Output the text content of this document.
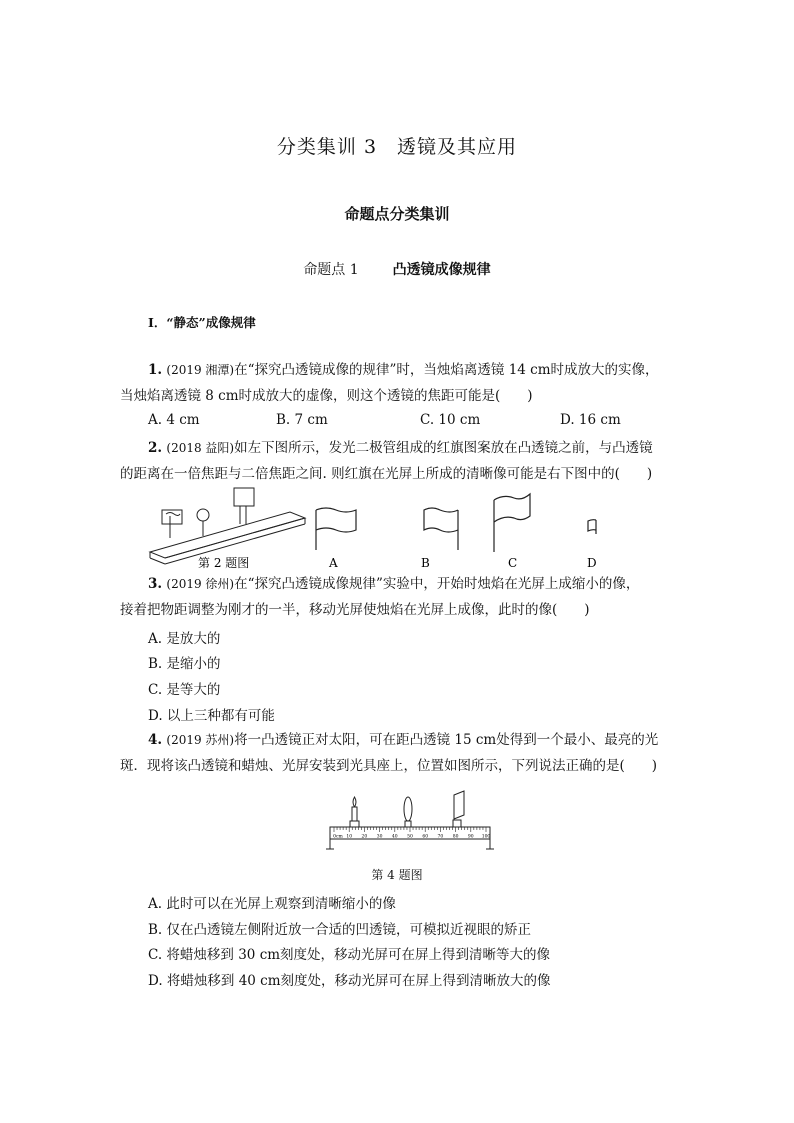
分类集训 3　透镜及其应用
命题点分类集训
命题点 1 凸透镜成像规律
Ⅰ．“静态”成像规律
1. (2019 湘潭)在“探究凸透镜成像的规律”时，当烛焰离透镜 14 cm时成放大的实像，
当烛焰离透镜 8 cm时成放大的虚像，则这个透镜的焦距可能是(　　)
A. 4 cm	B. 7 cm	C. 10 cm	D. 16 cm
2. (2018 益阳)如左下图所示，发光二极管组成的红旗图案放在凸透镜之前，与凸透镜
的距离在一倍焦距与二倍焦距之间. 则红旗在光屏上所成的清晰像可能是右下图中的(　　)
第 2 题图	A	B	C	D
3. (2019 徐州)在“探究凸透镜成像规律”实验中，开始时烛焰在光屏上成缩小的像，
接着把物距调整为刚才的一半，移动光屏使烛焰在光屏上成像，此时的像(　　)
A. 是放大的
B. 是缩小的
C. 是等大的
D. 以上三种都有可能
4. (2019 苏州)将一凸透镜正对太阳，可在距凸透镜 15 cm处得到一个最小、最亮的光
斑．现将该凸透镜和蜡烛、光屏安装到光具座上，位置如图所示，下列说法正确的是(　　)
0cm 10 20 30 40 50 60 70 80 90 100
第 4 题图
A. 此时可以在光屏上观察到清晰缩小的像
B. 仅在凸透镜左侧附近放一合适的凹透镜，可模拟近视眼的矫正
C. 将蜡烛移到 30 cm刻度处，移动光屏可在屏上得到清晰等大的像
D. 将蜡烛移到 40 cm刻度处，移动光屏可在屏上得到清晰放大的像
